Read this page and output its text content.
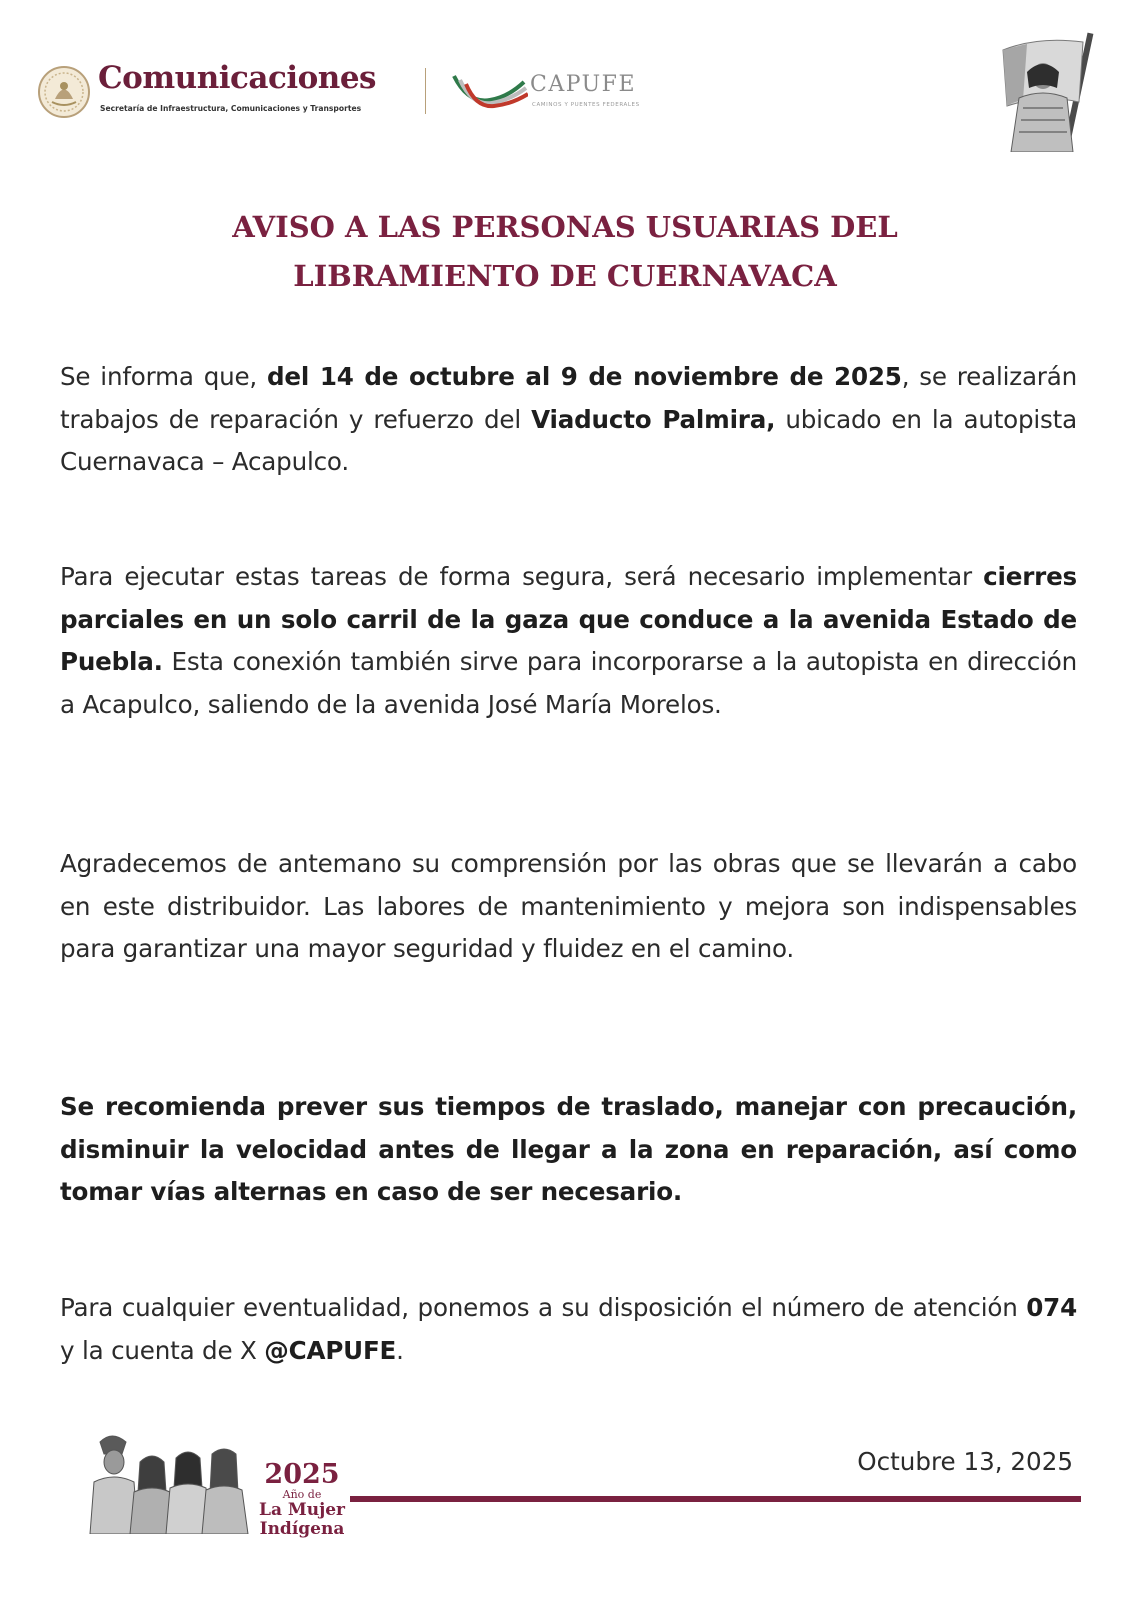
Comunicaciones
Secretaría de Infraestructura, Comunicaciones y Transportes
CAPUFE
CAMINOS Y PUENTES FEDERALES
AVISO A LAS PERSONAS USUARIAS DEL
LIBRAMIENTO DE CUERNAVACA
Se informa que, del 14 de octubre al 9 de noviembre de 2025, se realizarán trabajos de reparación y refuerzo del Viaducto Palmira, ubicado en la autopista Cuernavaca – Acapulco.
Para ejecutar estas tareas de forma segura, será necesario implementar cierres parciales en un solo carril de la gaza que conduce a la avenida Estado de Puebla. Esta conexión también sirve para incorporarse a la autopista en dirección a Acapulco, saliendo de la avenida José María Morelos.
Agradecemos de antemano su comprensión por las obras que se llevarán a cabo en este distribuidor. Las labores de mantenimiento y mejora son indispensables para garantizar una mayor seguridad y fluidez en el camino.
Se recomienda prever sus tiempos de traslado, manejar con precaución, disminuir la velocidad antes de llegar a la zona en reparación, así como tomar vías alternas en caso de ser necesario.
Para cualquier eventualidad, ponemos a su disposición el número de atención 074 y la cuenta de X @CAPUFE.
2025
Año de
La Mujer
Indígena
Octubre 13, 2025
